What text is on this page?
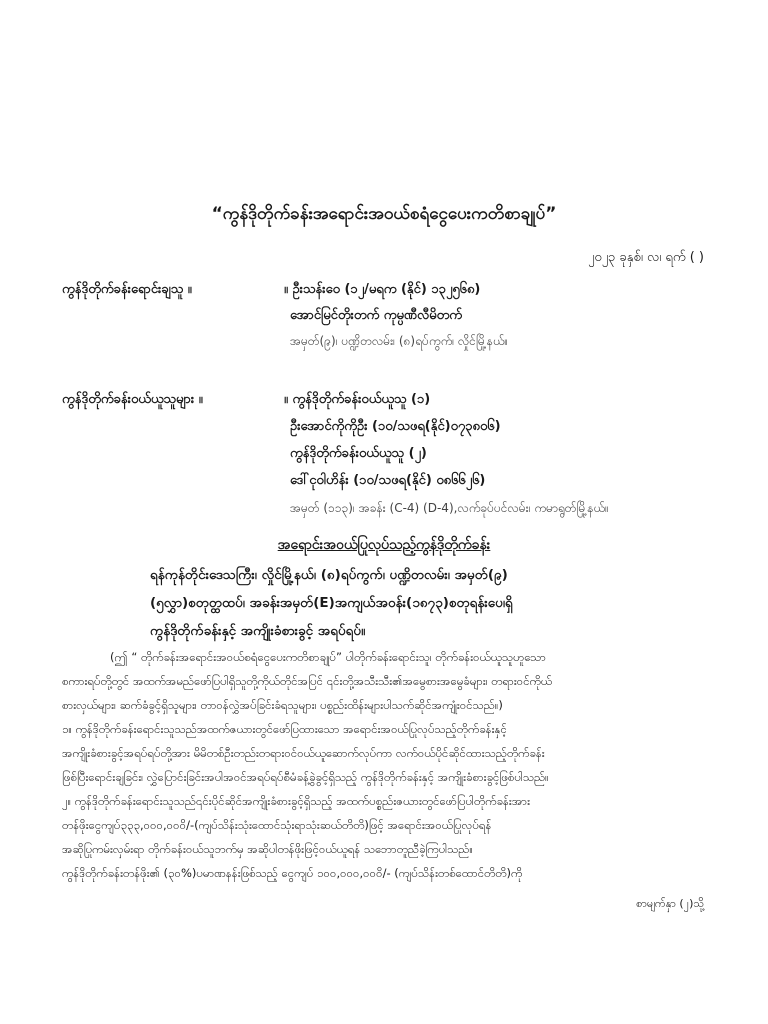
“ကွန်ဒိုတိုက်ခန်းအရောင်းအဝယ်စရံငွေပေးကတိစာချုပ်”
၂၀၂၃ ခုနှစ်၊ လ၊ ရက် ( )
ကွန်ဒိုတိုက်ခန်းရောင်းချသူ ။	။ ဦးသန်းဝေ (၁၂/မရက (နိုင်) ၁၃၂၅၆၈)
အောင်မြင်တိုးတက် ကုမ္ပဏီလီမိတက်
အမှတ်(၉)၊ ပဏ္ဍိတလမ်း၊ (၈)ရပ်ကွက်၊ လှိုင်မြို့နယ်။
ကွန်ဒိုတိုက်ခန်းဝယ်ယူသူများ ။	။ ကွန်ဒိုတိုက်ခန်းဝယ်ယူသူ (၁)
ဦးအောင်ကိုကိုဦး (၁၀/သဖရ(နိုင်)၀၇၃၈၀၆)
ကွန်ဒိုတိုက်ခန်းဝယ်ယူသူ (၂)
ဒေါ်ငုဝါဟိန်း (၁၀/သဖရ(နိုင်) ၀၈၆၆၂၆)
အမှတ် (၁၁၃)၊ အခန်း (C-4) (D-4),လက်ခုပ်ပင်လမ်း၊ ကမာရွတ်မြို့နယ်။
အရောင်းအဝယ်ပြုလုပ်သည့်ကွန်ဒိုတိုက်ခန်း
ရန်ကုန်တိုင်းဒေသကြီး၊ လှိုင်မြို့နယ်၊ (၈)ရပ်ကွက်၊ ပဏ္ဍိတလမ်း၊ အမှတ်(၉)
(၅လွှာ)စတုတ္ထထပ်၊ အခန်းအမှတ်(E)အကျယ်အဝန်း(၁၈၇၃)စတုရန်းပေ၊ရှိ
ကွန်ဒိုတိုက်ခန်းနှင့် အကျိုးခံစားခွင့် အရပ်ရပ်။
(ဤ “ တိုက်ခန်းအရောင်းအဝယ်စရံငွေပေးကတိစာချုပ်” ပါတိုက်ခန်းရောင်းသူ၊ တိုက်ခန်းဝယ်ယူသူဟူသော
စကားရပ်တို့တွင် အထက်အမည်ဖော်ပြပါရှိသူတို့ကိုယ်တိုင်အပြင် ၎င်းတို့အသီးသီး၏အမွေစားအမွေခံများ၊ တရားဝင်ကိုယ်
စားလှယ်များ၊ ဆက်ခံခွင့်ရှိသူများ၊ တာဝန်လွှဲအပ်ခြင်းခံရသူများ၊ ပစ္စည်းထိန်းများပါသက်ဆိုင်အကျုံးဝင်သည်။)
၁။ ကွန်ဒိုတိုက်ခန်းရောင်းသူသည်အထက်ဇယားတွင်ဖော်ပြထားသော အရောင်းအဝယ်ပြုလုပ်သည့်တိုက်ခန်းနှင့်
အကျိုးခံစားခွင့်အရပ်ရပ်တို့အား မိမိတစ်ဦးတည်းတရားဝင်ဝယ်ယူဆောက်လုပ်ကာ လက်ဝယ်ပိုင်ဆိုင်ထားသည့်တိုက်ခန်း
ဖြစ်ပြီးရောင်းချခြင်း၊ လွှဲပြောင်းခြင်းအပါအဝင်အရပ်ရပ်စီမံခန့်ခွဲခွင့်ရှိသည့် ကွန်ဒိုတိုက်ခန်းနှင့် အကျိုးခံစားခွင့်ဖြစ်ပါသည်။
၂။ ကွန်ဒိုတိုက်ခန်းရောင်းသူသည်၎င်းပိုင်ဆိုင်အကျိုးခံစားခွင့်ရှိသည့် အထက်ပစ္စည်းဇယားတွင်ဖော်ပြပါတိုက်ခန်းအား
တန်ဖိုးငွေကျပ်၃၃၃,၀၀၀,၀၀၀ိ/-(ကျပ်သိန်းသုံးထောင်သုံးရာသုံးဆယ်တိတိ)ဖြင့် အရောင်းအဝယ်ပြုလုပ်ရန်
အဆိုပြုကမ်းလှမ်းရာ တိုက်ခန်းဝယ်သူဘက်မှ အဆိုပါတန်ဖိုးဖြင့်ဝယ်ယူရန် သဘောတူညီခဲ့ကြပါသည်။
ကွန်ဒိုတိုက်ခန်းတန်ဖိုး၏ (၃၀%)ပမာဏနန်းဖြစ်သည့် ငွေကျပ် ၁၀၀,၀၀၀,၀၀၀ိ/- (ကျပ်သိန်းတစ်ထောင်တိတိ)ကို
စာမျက်နှာ (၂)သို့
